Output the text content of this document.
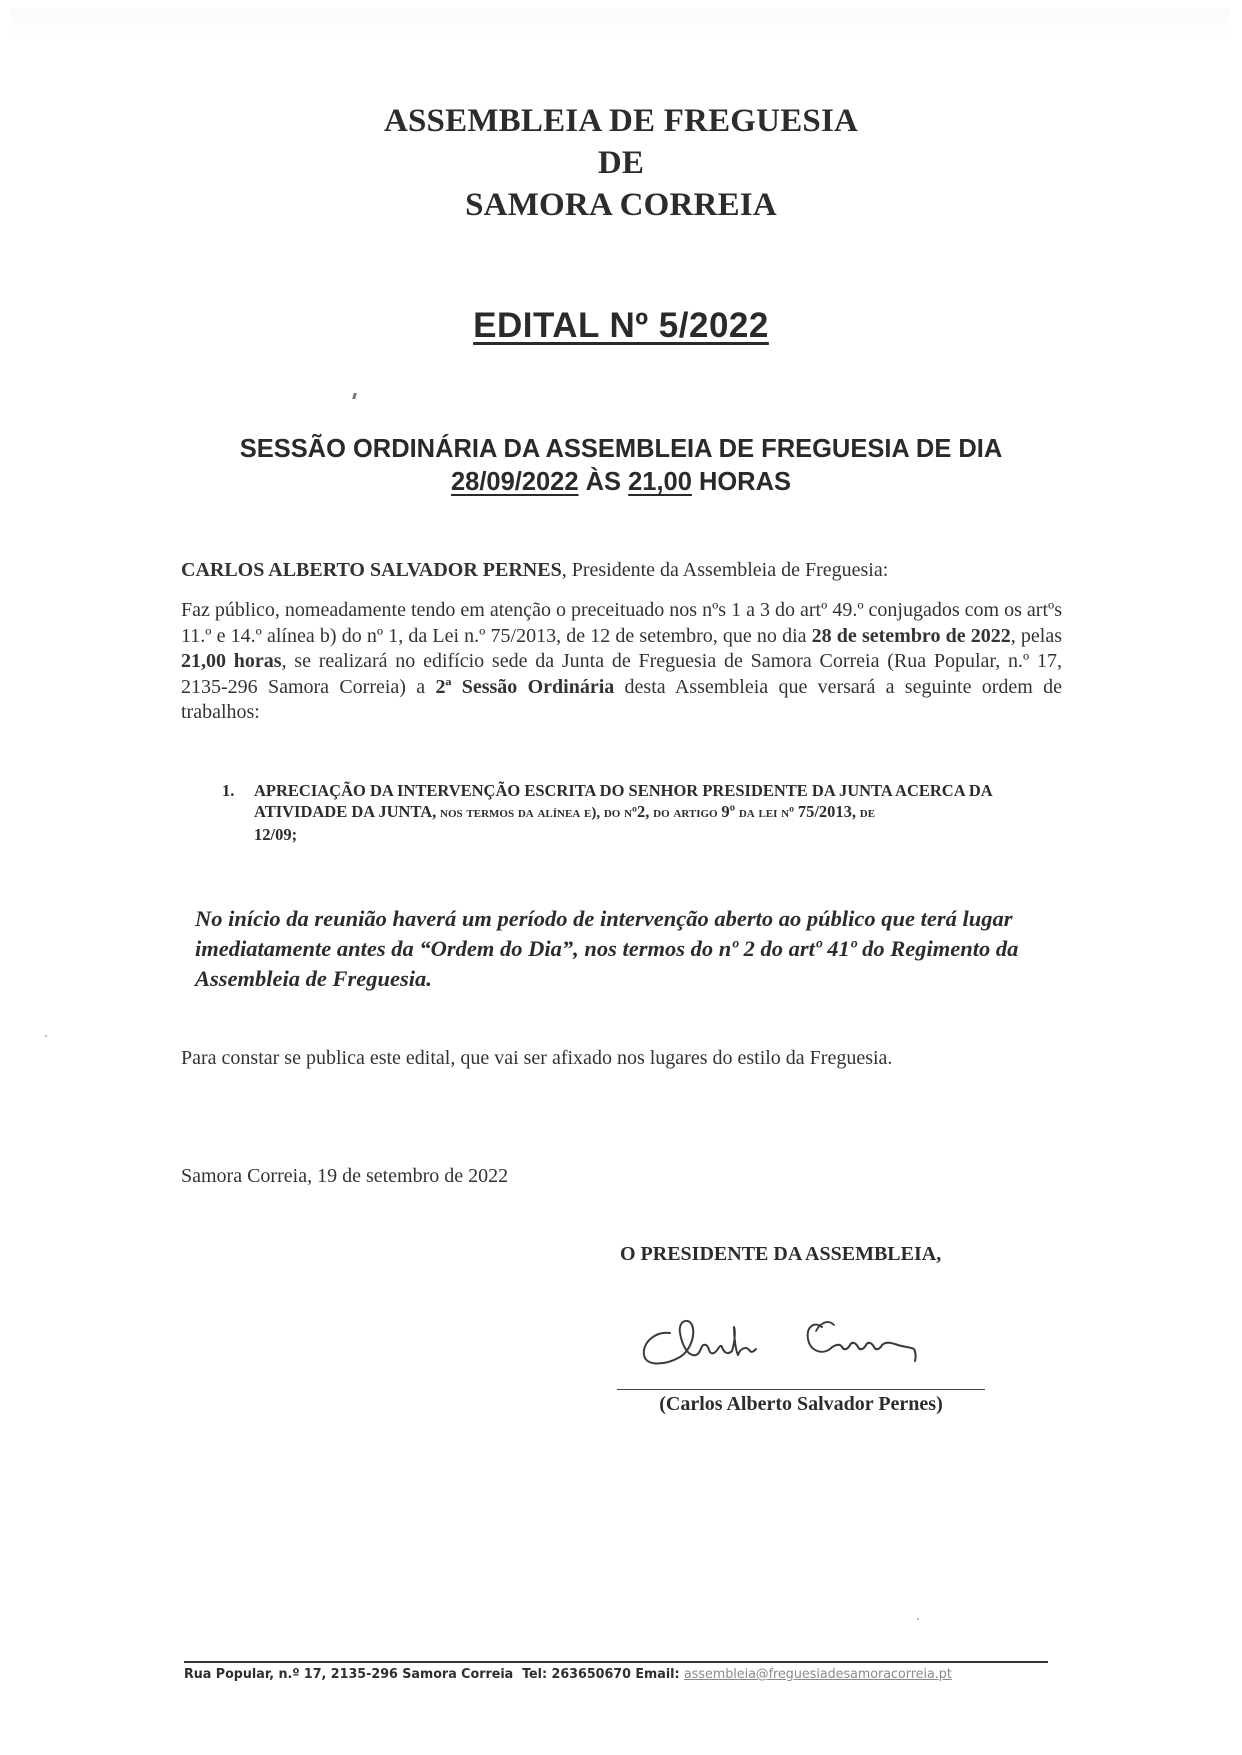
ASSEMBLEIA DE FREGUESIA
DE
SAMORA CORREIA
EDITAL Nº 5/2022
SESSÃO ORDINÁRIA DA ASSEMBLEIA DE FREGUESIA DE DIA
28/09/2022 ÀS 21,00 HORAS
CARLOS ALBERTO SALVADOR PERNES, Presidente da Assembleia de Freguesia:
Faz público, nomeadamente tendo em atenção o preceituado nos nºs 1 a 3 do artº 49.º conjugados com os artºs 11.º e 14.º alínea b) do nº 1, da Lei n.º 75/2013, de 12 de setembro, que no dia 28 de setembro de 2022, pelas 21,00 horas, se realizará no edifício sede da Junta de Freguesia de Samora Correia (Rua Popular, n.º 17, 2135-296 Samora Correia) a 2ª Sessão Ordinária desta Assembleia que versará a seguinte ordem de trabalhos:
1. APRECIAÇÃO DA INTERVENÇÃO ESCRITA DO SENHOR PRESIDENTE DA JUNTA ACERCA DA ATIVIDADE DA JUNTA, nos termos da alínea e), do nº2, do artigo 9º da lei nº 75/2013, de
12/09;
No início da reunião haverá um período de intervenção aberto ao público que terá lugar imediatamente antes da “Ordem do Dia”, nos termos do nº 2 do artº 41º do Regimento da Assembleia de Freguesia.
Para constar se publica este edital, que vai ser afixado nos lugares do estilo da Freguesia.
Samora Correia, 19 de setembro de 2022
O PRESIDENTE DA ASSEMBLEIA,
(Carlos Alberto Salvador Pernes)
Rua Popular, n.º 17, 2135-296 Samora Correia  Tel: 263650670 Email: assembleia@freguesiadesamoracorreia.pt
